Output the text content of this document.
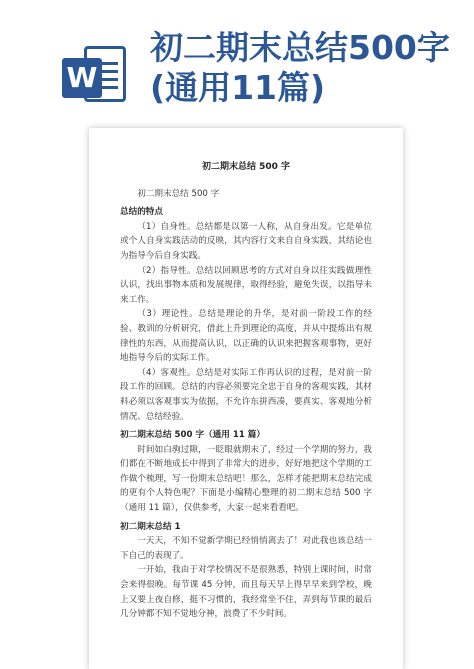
W
初二期末总结500字(通用11篇)
初二期末总结 500 字

初二期末总结 500 字

总结的特点

（1）自身性。总结都是以第一人称，从自身出发。它是单位或个人自身实践活动的反映，其内容行文来自自身实践，其结论也为指导今后自身实践。

（2）指导性。总结以回顾思考的方式对自身以往实践做理性认识，找出事物本质和发展规律，取得经验，避免失误，以指导未来工作。

（3）理论性。总结是理论的升华，是对前一阶段工作的经验、教训的分析研究，借此上升到理论的高度，并从中提炼出有规律性的东西，从而提高认识，以正确的认识来把握客观事物，更好地指导今后的实际工作。

（4）客观性。总结是对实际工作再认识的过程，是对前一阶段工作的回顾。总结的内容必须要完全忠于自身的客观实践，其材料必须以客观事实为依据，不允许东拼西凑，要真实、客观地分析情况、总结经验。

初二期末总结 500 字（通用 11 篇）

时间如白驹过隙，一眨眼就期末了，经过一个学期的努力，我们都在不断地成长中得到了非常大的进步，好好地把这个学期的工作做个梳理，写一份期末总结吧！那么，怎样才能把期末总结完成的更有个人特色呢？下面是小编精心整理的初二期末总结 500 字（通用 11 篇），仅供参考，大家一起来看看吧。

初二期末总结 1

一天天，不知不觉新学期已经悄悄离去了！对此我也该总结一下自己的表现了。

一开始，我由于对学校情况不是很熟悉，特别上课时间，时常会来得很晚。每节课 45 分钟，而且每天早上得早早来到学校，晚上又要上夜自修，挺不习惯的，我经常坐不住，弄到每节课的最后几分钟都不知不觉地分神，浪费了不少时间。
